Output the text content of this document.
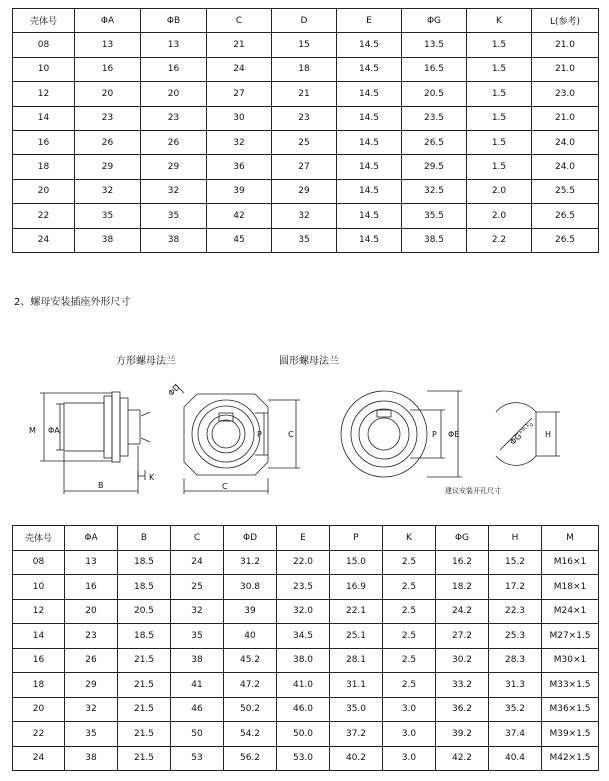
壳体号	ΦA	ΦB	C	D	E	ΦG	K	L(参考)
08	13	13	21	15	14.5	13.5	1.5	21.0
10	16	16	24	18	14.5	16.5	1.5	21.0
12	20	20	27	21	14.5	20.5	1.5	23.0
14	23	23	30	23	14.5	23.5	1.5	21.0
16	26	26	32	25	14.5	26.5	1.5	24.0
18	29	29	36	27	14.5	29.5	1.5	24.0
20	32	32	39	29	14.5	32.5	2.0	25.5
22	35	35	42	32	14.5	35.5	2.0	26.5
24	38	38	45	35	14.5	38.5	2.2	26.5
2、螺母安装插座外形尺寸
方形螺母法兰	圆形螺母法兰
建议安装开孔尺寸
M ΦA
B
K
ΦD
C
P	C	P ΦE	ΦG⁺⁰·¹₀ H
壳体号	ΦA	B	C	ΦD	E	P	K	ΦG	H	M
08	13	18.5	24	31.2	22.0	15.0	2.5	16.2	15.2	M16×1
10	16	18.5	25	30.8	23.5	16.9	2.5	18.2	17.2	M18×1
12	20	20.5	32	39	32.0	22.1	2.5	24.2	22.3	M24×1
14	23	18.5	35	40	34.5	25.1	2.5	27.2	25.3	M27×1.5
16	26	21.5	38	45.2	38.0	28.1	2.5	30.2	28.3	M30×1
18	29	21.5	41	47.2	41.0	31.1	2.5	33.2	31.3	M33×1.5
20	32	21.5	46	50.2	46.0	35.0	3.0	36.2	35.2	M36×1.5
22	35	21.5	50	54.2	50.0	37.2	3.0	39.2	37.4	M39×1.5
24	38	21.5	53	56.2	53.0	40.2	3.0	42.2	40.4	M42×1.5
